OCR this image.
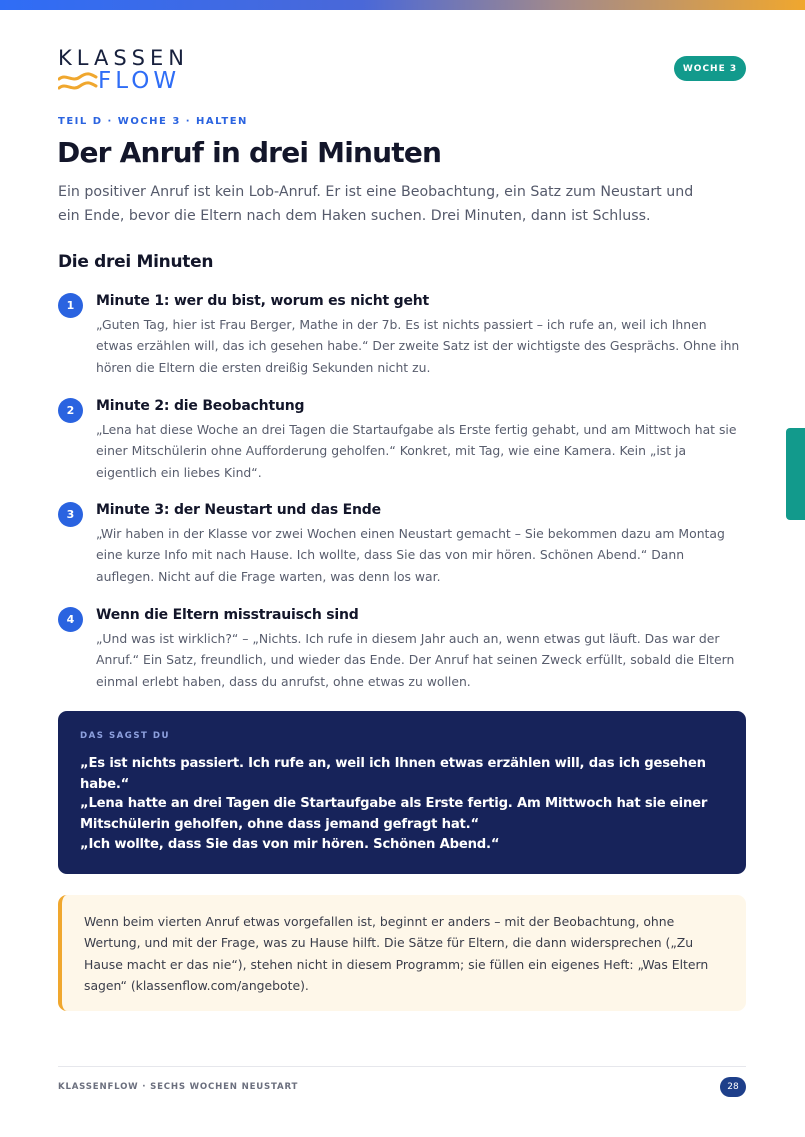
KLASSEN
FLOW	WOCHE 3
TEIL D · WOCHE 3 · HALTEN
Der Anruf in drei Minuten

Ein positiver Anruf ist kein Lob-Anruf. Er ist eine Beobachtung, ein Satz zum Neustart und ein Ende, bevor die Eltern nach dem Haken suchen. Drei Minuten, dann ist Schluss.

Die drei Minuten
1	Minute 1: wer du bist, worum es nicht geht
„Guten Tag, hier ist Frau Berger, Mathe in der 7b. Es ist nichts passiert – ich rufe an, weil ich Ihnen etwas erzählen will, das ich gesehen habe.“ Der zweite Satz ist der wichtigste des Gesprächs. Ohne ihn hören die Eltern die ersten dreißig Sekunden nicht zu.
2	Minute 2: die Beobachtung
„Lena hat diese Woche an drei Tagen die Startaufgabe als Erste fertig gehabt, und am Mittwoch hat sie einer Mitschülerin ohne Aufforderung geholfen.“ Konkret, mit Tag, wie eine Kamera. Kein „ist ja eigentlich ein liebes Kind“.
3	Minute 3: der Neustart und das Ende
„Wir haben in der Klasse vor zwei Wochen einen Neustart gemacht – Sie bekommen dazu am Montag eine kurze Info mit nach Hause. Ich wollte, dass Sie das von mir hören. Schönen Abend.“ Dann auflegen. Nicht auf die Frage warten, was denn los war.
4	Wenn die Eltern misstrauisch sind
„Und was ist wirklich?“ – „Nichts. Ich rufe in diesem Jahr auch an, wenn etwas gut läuft. Das war der Anruf.“ Ein Satz, freundlich, und wieder das Ende. Der Anruf hat seinen Zweck erfüllt, sobald die Eltern einmal erlebt haben, dass du anrufst, ohne etwas zu wollen.
DAS SAGST DU
„Es ist nichts passiert. Ich rufe an, weil ich Ihnen etwas erzählen will, das ich gesehen habe.“
„Lena hatte an drei Tagen die Startaufgabe als Erste fertig. Am Mittwoch hat sie einer Mitschülerin geholfen, ohne dass jemand gefragt hat.“
„Ich wollte, dass Sie das von mir hören. Schönen Abend.“

Wenn beim vierten Anruf etwas vorgefallen ist, beginnt er anders – mit der Beobachtung, ohne Wertung, und mit der Frage, was zu Hause hilft. Die Sätze für Eltern, die dann widersprechen („Zu Hause macht er das nie“), stehen nicht in diesem Programm; sie füllen ein eigenes Heft: „Was Eltern sagen“ (klassenflow.com/angebote).

KLASSENFLOW · SECHS WOCHEN NEUSTART	28
